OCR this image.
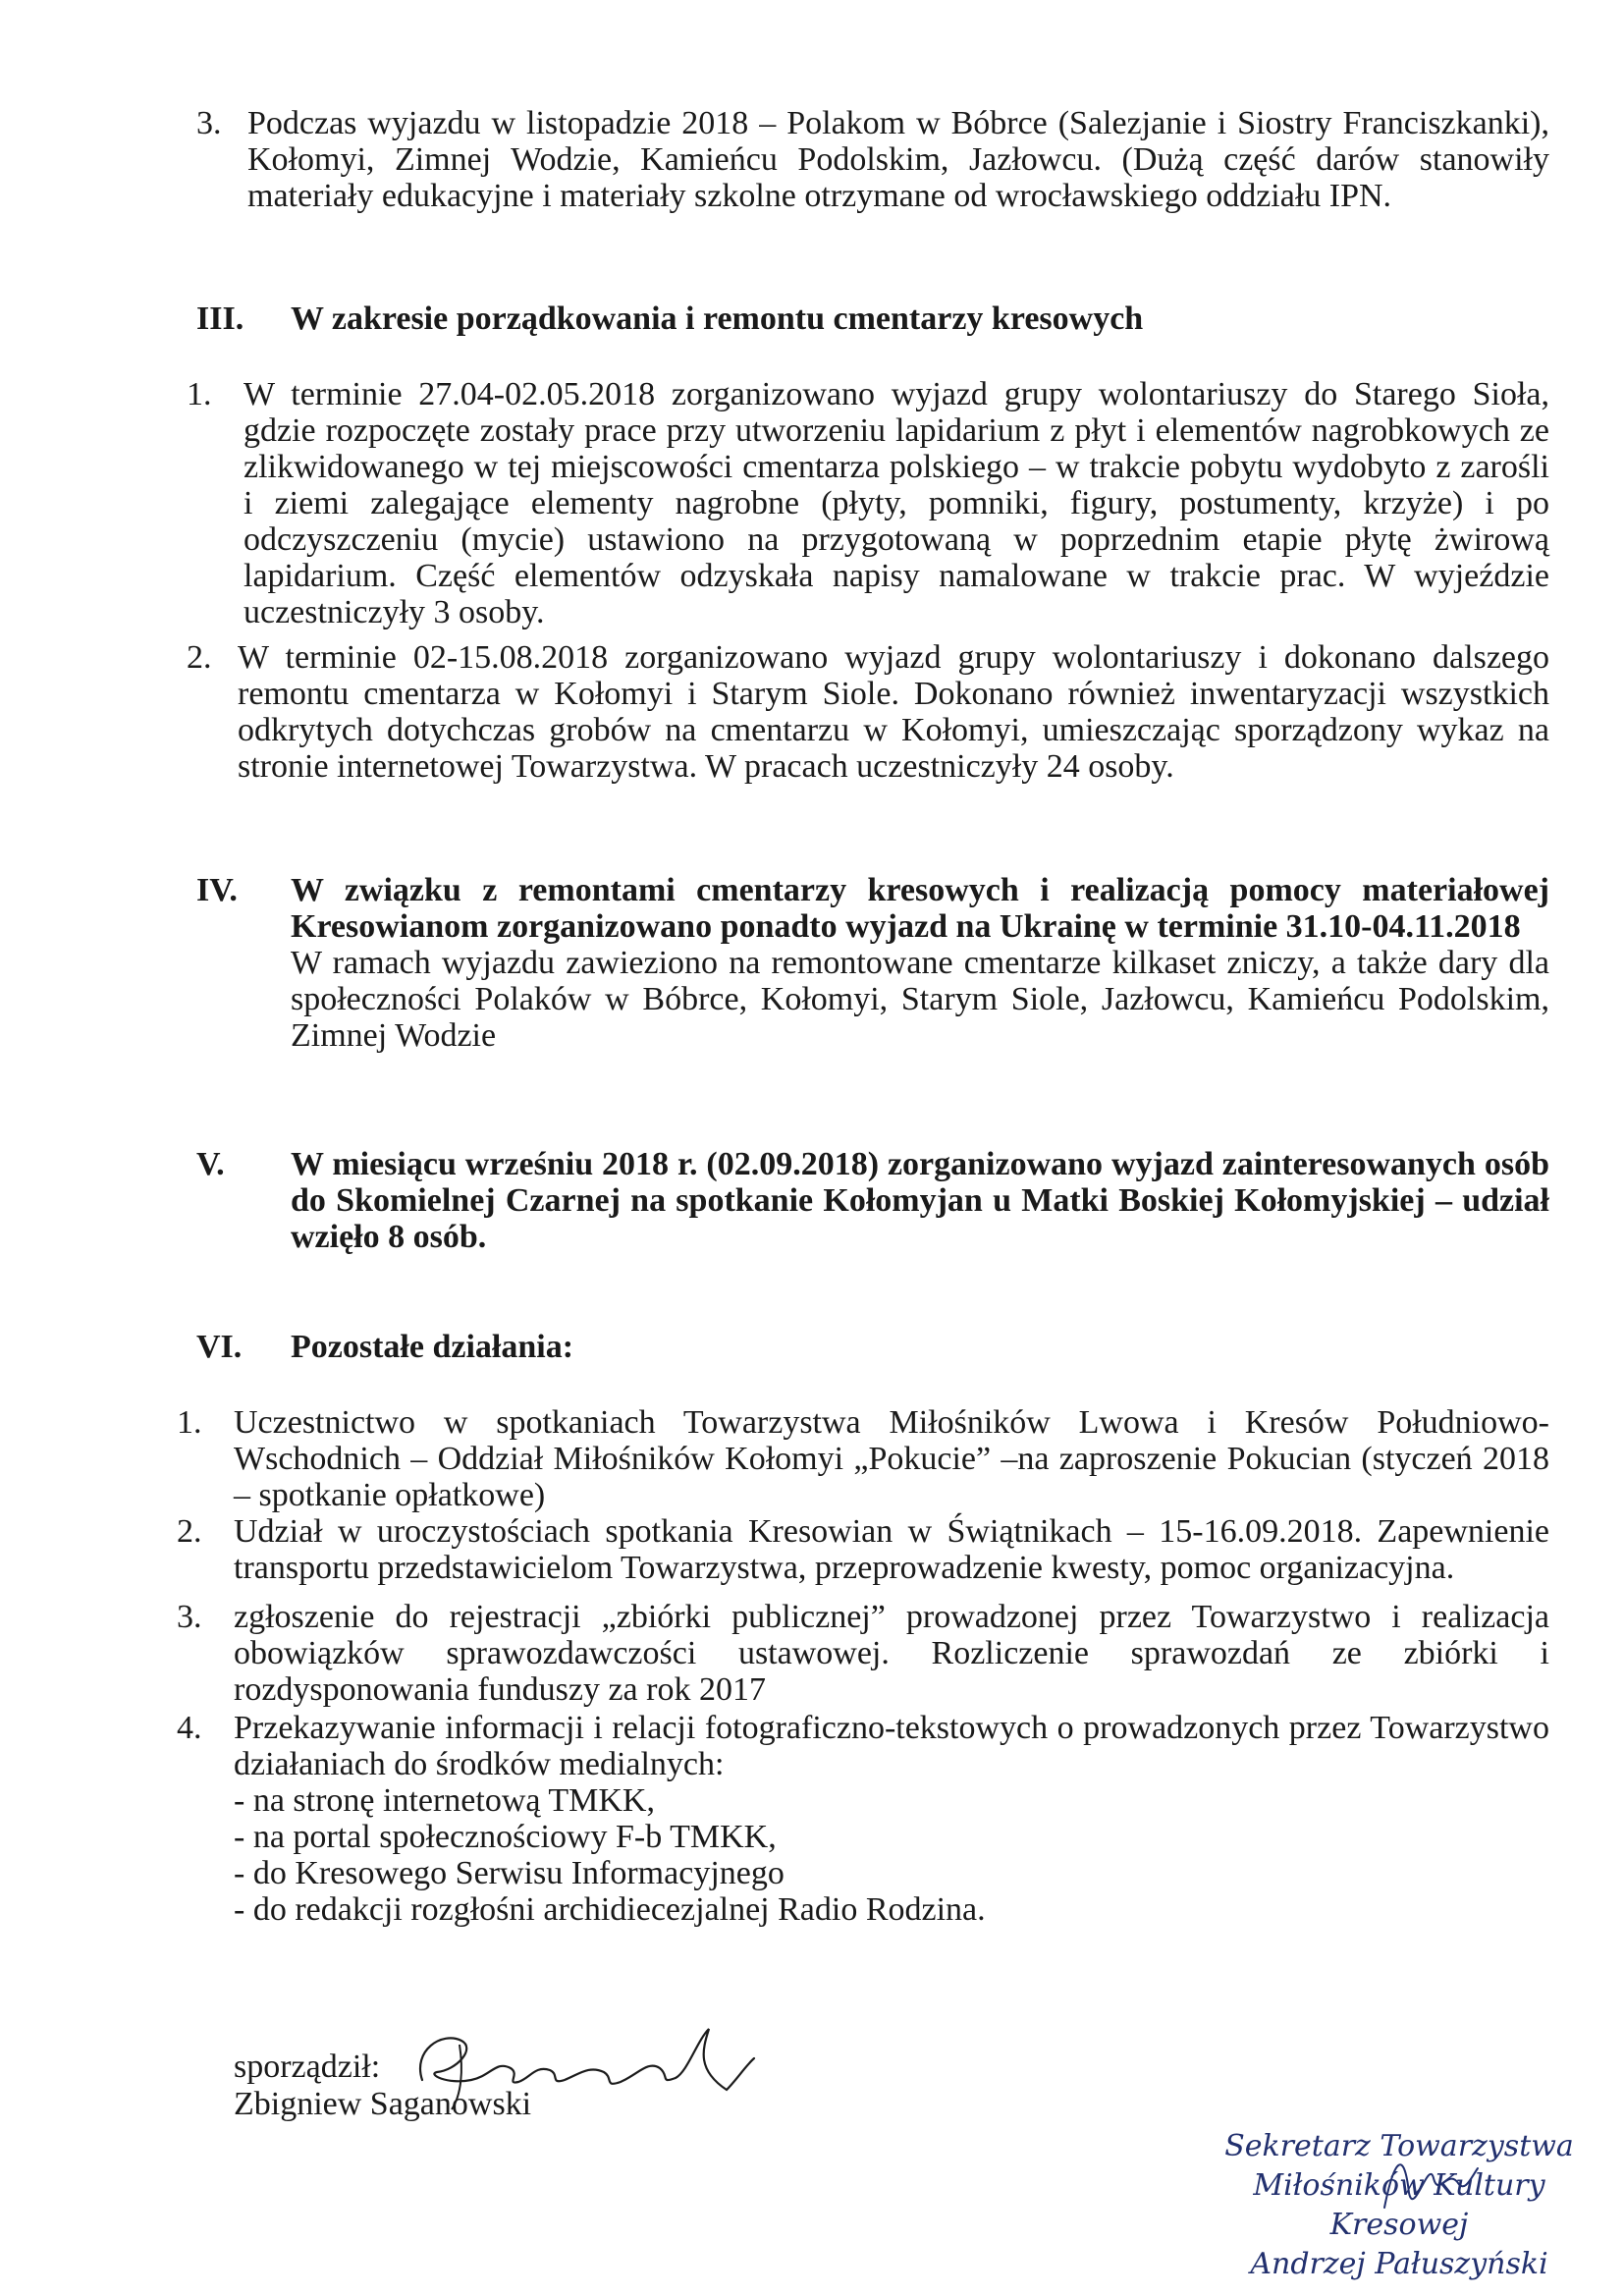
3. Podczas wyjazdu w listopadzie 2018 – Polakom w Bóbrce (Salezjanie i Siostry Franciszkanki), Kołomyi, Zimnej Wodzie, Kamieńcu Podolskim, Jazłowcu. (Dużą część darów stanowiły materiały edukacyjne i materiały szkolne otrzymane od wrocławskiego oddziału IPN.
III. W zakresie porządkowania i remontu cmentarzy kresowych
1. W terminie 27.04-02.05.2018 zorganizowano wyjazd grupy wolontariuszy do Starego Sioła, gdzie rozpoczęte zostały prace przy utworzeniu lapidarium z płyt i elementów nagrobkowych ze zlikwidowanego w tej miejscowości cmentarza polskiego – w trakcie pobytu wydobyto z zarośli i ziemi zalegające elementy nagrobne (płyty, pomniki, figury, postumenty, krzyże) i po odczyszczeniu (mycie) ustawiono na przygotowaną w poprzednim etapie płytę żwirową lapidarium. Część elementów odzyskała napisy namalowane w trakcie prac. W wyjeździe uczestniczyły 3 osoby.
2. W terminie 02-15.08.2018 zorganizowano wyjazd grupy wolontariuszy i dokonano dalszego remontu cmentarza w Kołomyi i Starym Siole. Dokonano również inwentaryzacji wszystkich odkrytych dotychczas grobów na cmentarzu w Kołomyi, umieszczając sporządzony wykaz na stronie internetowej Towarzystwa. W pracach uczestniczyły 24 osoby.
IV. W związku z remontami cmentarzy kresowych i realizacją pomocy materiałowej Kresowianom zorganizowano ponadto wyjazd na Ukrainę w terminie 31.10-04.11.2018
W ramach wyjazdu zawieziono na remontowane cmentarze kilkaset zniczy, a także dary dla społeczności Polaków w Bóbrce, Kołomyi, Starym Siole, Jazłowcu, Kamieńcu Podolskim, Zimnej Wodzie
V. W miesiącu wrześniu 2018 r. (02.09.2018) zorganizowano wyjazd zainteresowanych osób do Skomielnej Czarnej na spotkanie Kołomyjan u Matki Boskiej Kołomyjskiej – udział wzięło 8 osób.
VI. Pozostałe działania:
1. Uczestnictwo w spotkaniach Towarzystwa Miłośników Lwowa i Kresów Południowo-Wschodnich – Oddział Miłośników Kołomyi „Pokucie” –na zaproszenie Pokucian (styczeń 2018 – spotkanie opłatkowe)
2. Udział w uroczystościach spotkania Kresowian w Świątnikach – 15-16.09.2018. Zapewnienie transportu przedstawicielom Towarzystwa, przeprowadzenie kwesty, pomoc organizacyjna.
3. zgłoszenie do rejestracji „zbiórki publicznej” prowadzonej przez Towarzystwo i realizacja obowiązków sprawozdawczości ustawowej. Rozliczenie sprawozdań ze zbiórki i rozdysponowania funduszy za rok 2017
4. Przekazywanie informacji i relacji fotograficzno-tekstowych o prowadzonych przez Towarzystwo działaniach do środków medialnych:
- na stronę internetową TMKK,
- na portal społecznościowy F-b TMKK,
- do Kresowego Serwisu Informacyjnego
- do redakcji rozgłośni archidiecezjalnej Radio Rodzina.
sporządził:
Zbigniew Saganowski
Sekretarz Towarzystwa
Miłośników Kultury Kresowej
Andrzej Pałuszyński
